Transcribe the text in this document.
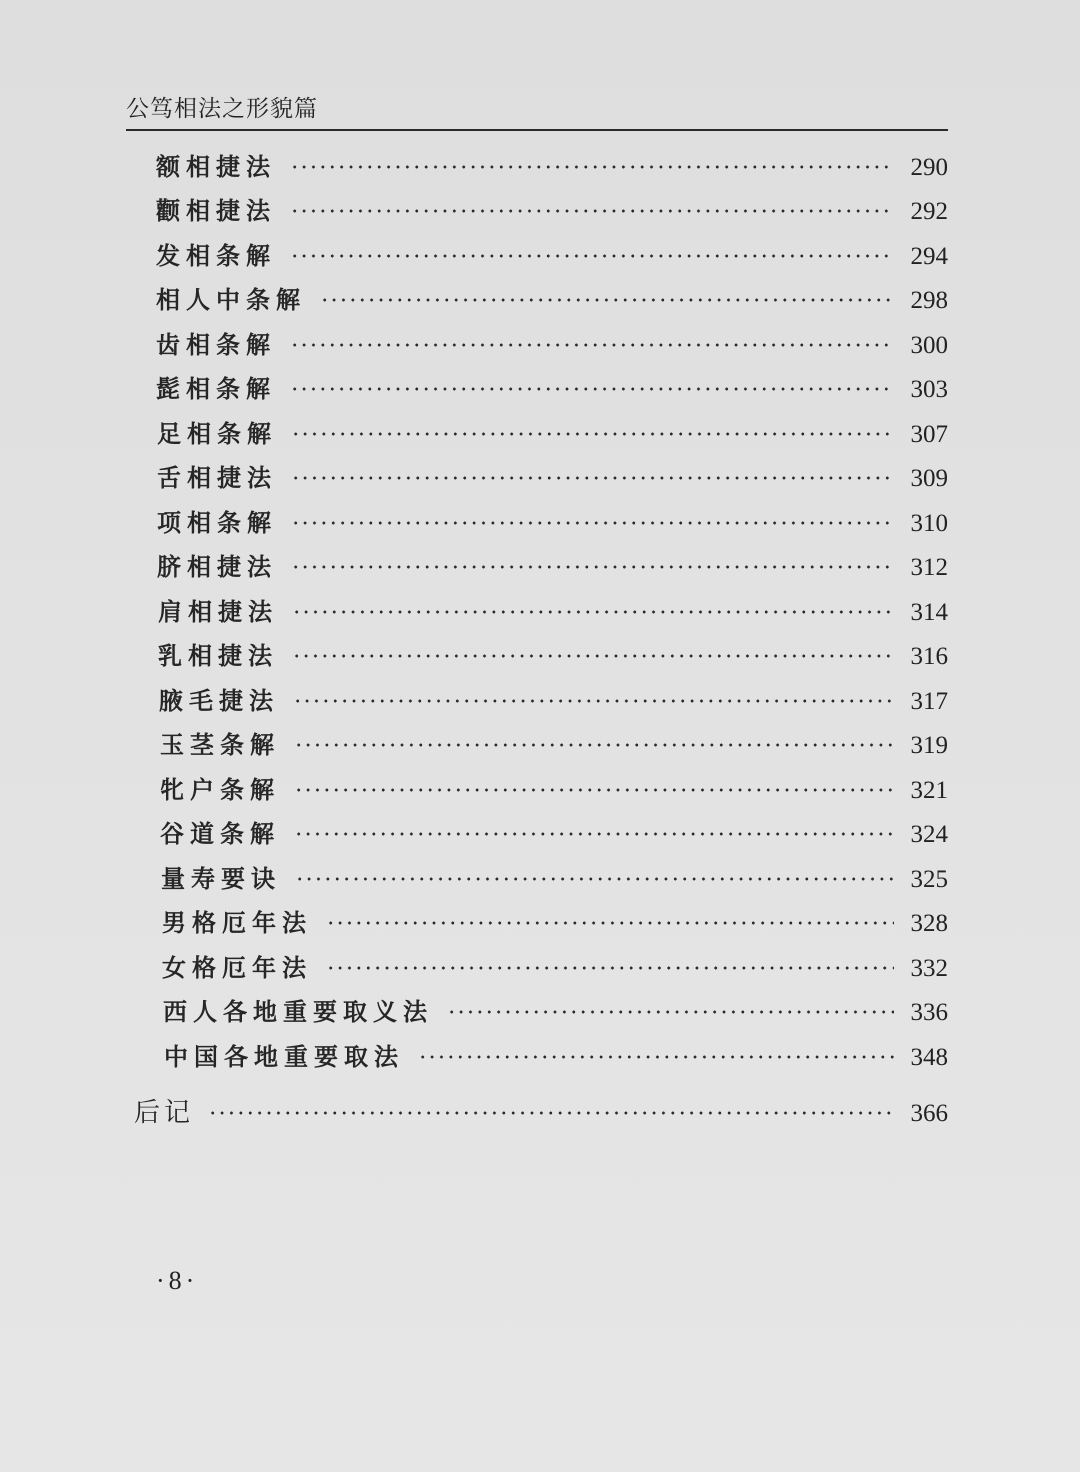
公笃相法之形貌篇
额相捷法	290
颧相捷法	292
发相条解	294
相人中条解	298
齿相条解	300
髭相条解	303
足相条解	307
舌相捷法	309
项相条解	310
脐相捷法	312
肩相捷法	314
乳相捷法	316
腋毛捷法	317
玉茎条解	319
牝户条解	321
谷道条解	324
量寿要诀	325
男格厄年法	328
女格厄年法	332
西人各地重要取义法	336
中国各地重要取法	348
后记	366
·8·
